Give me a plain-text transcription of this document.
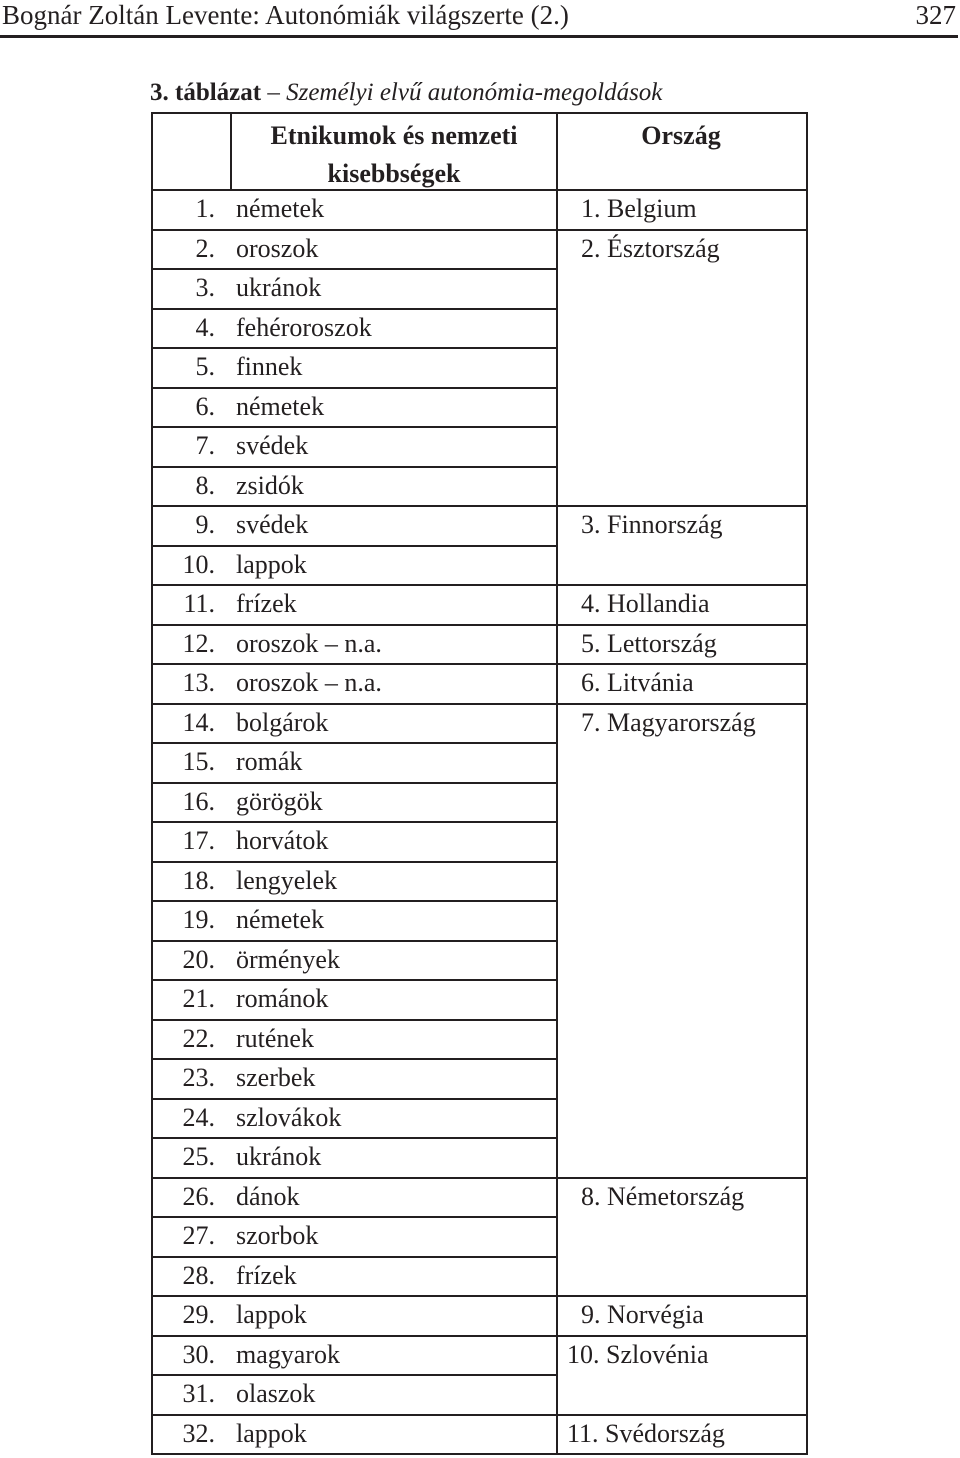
Bognár Zoltán Levente: Autonómiák világszerte (2.)	327
3. táblázat – Személyi elvű autonómia-megoldások
Etnikumok és nemzeti
kisebbségek
Ország
1. németek
2. oroszok
3. ukránok
4. fehéroroszok
5. finnek
6. németek
7. svédek
8. zsidók
9. svédek
10. lappok
11. frízek
12. oroszok – n.a.
13. oroszok – n.a.
14. bolgárok
15. romák
16. görögök
17. horvátok
18. lengyelek
19. németek
20. örmények
21. románok
22. rutének
23. szerbek
24. szlovákok
25. ukránok
26. dánok
27. szorbok
28. frízek
29. lappok
30. magyarok
31. olaszok
32. lappok
1. Belgium
2. Észtország
3. Finnország
4. Hollandia
5. Lettország
6. Litvánia
7. Magyarország
8. Németország
9. Norvégia
10. Szlovénia
11. Svédország
